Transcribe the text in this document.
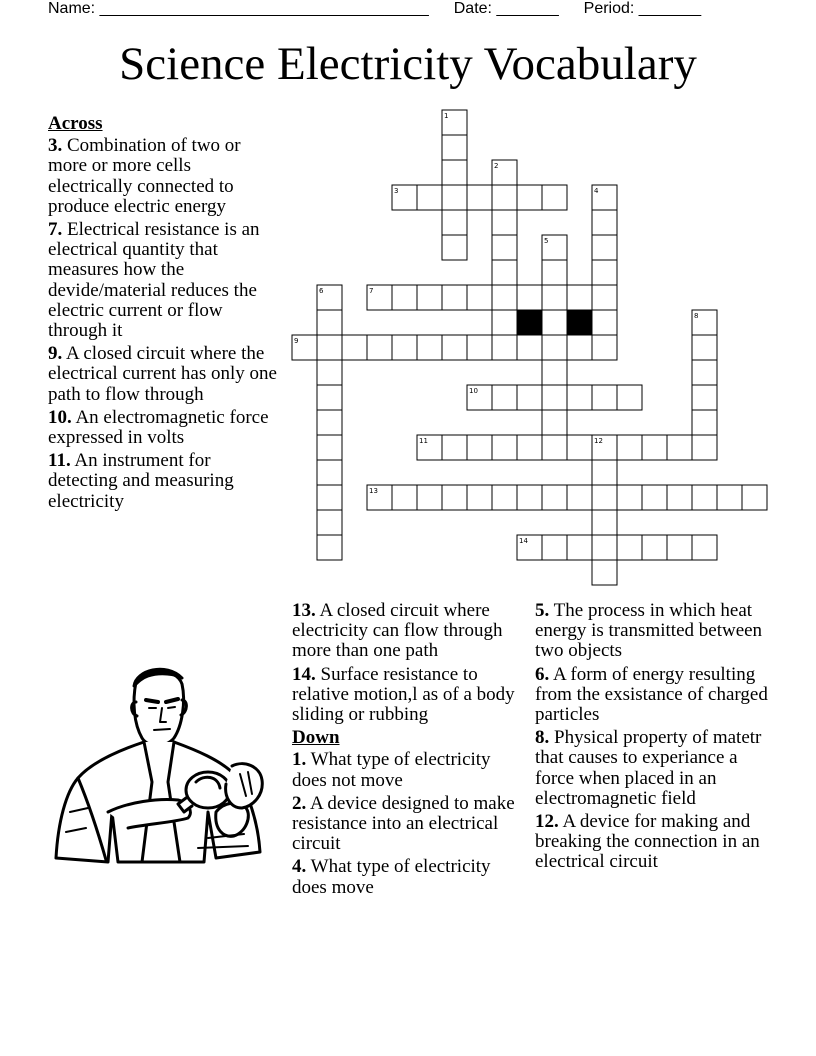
Name: _____________________________________ Date: _______ Period: _______
Science Electricity Vocabulary
Across
3. Combination of two or more or more cells electrically connected to produce electric energy
7. Electrical resistance is an electrical quantity that measures how the devide/material reduces the electric current or flow through it
9. A closed circuit where the electrical current has only one path to flow through
10. An electromagnetic force expressed in volts
11. An instrument for detecting and measuring electricity
13. A closed circuit where electricity can flow through more than one path
14. Surface resistance to relative motion,l as of a body sliding or rubbing
Down
1. What type of electricity does not move
2. A device designed to make resistance into an electrical circuit
4. What type of electricity does move
5. The process in which heat energy is transmitted between two objects
6. A form of energy resulting from the exsistance of charged particles
8. Physical property of matetr that causes to experiance a force when placed in an electromagnetic field
12. A device for making and breaking the connection in an electrical circuit
1
2
3	4
5
6	7
8
9
10
11	12
13
14
